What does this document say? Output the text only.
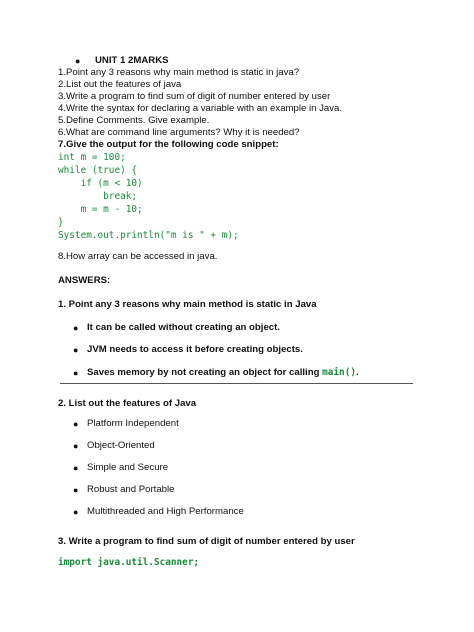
● UNIT 1 2MARKS
1.Point any 3 reasons why main method is static in java?
2.List out the features of java
3.Write a program to find sum of digit of number entered by user
4.Write the syntax for declaring a variable with an example in Java.
5.Define Comments. Give example.
6.What are command line arguments? Why it is needed?
7.Give the output for the following code snippet:
int m = 100;
while (true) {
if (m < 10)
break;
m = m - 10;
}
System.out.println("m is " + m);
8.How array can be accessed in java.
ANSWERS:
1. Point any 3 reasons why main method is static in Java
● It can be called without creating an object.
● JVM needs to access it before creating objects.
● Saves memory by not creating an object for calling main().
2. List out the features of Java
● Platform Independent
● Object-Oriented
● Simple and Secure
● Robust and Portable
● Multithreaded and High Performance
3. Write a program to find sum of digit of number entered by user
import java.util.Scanner;
